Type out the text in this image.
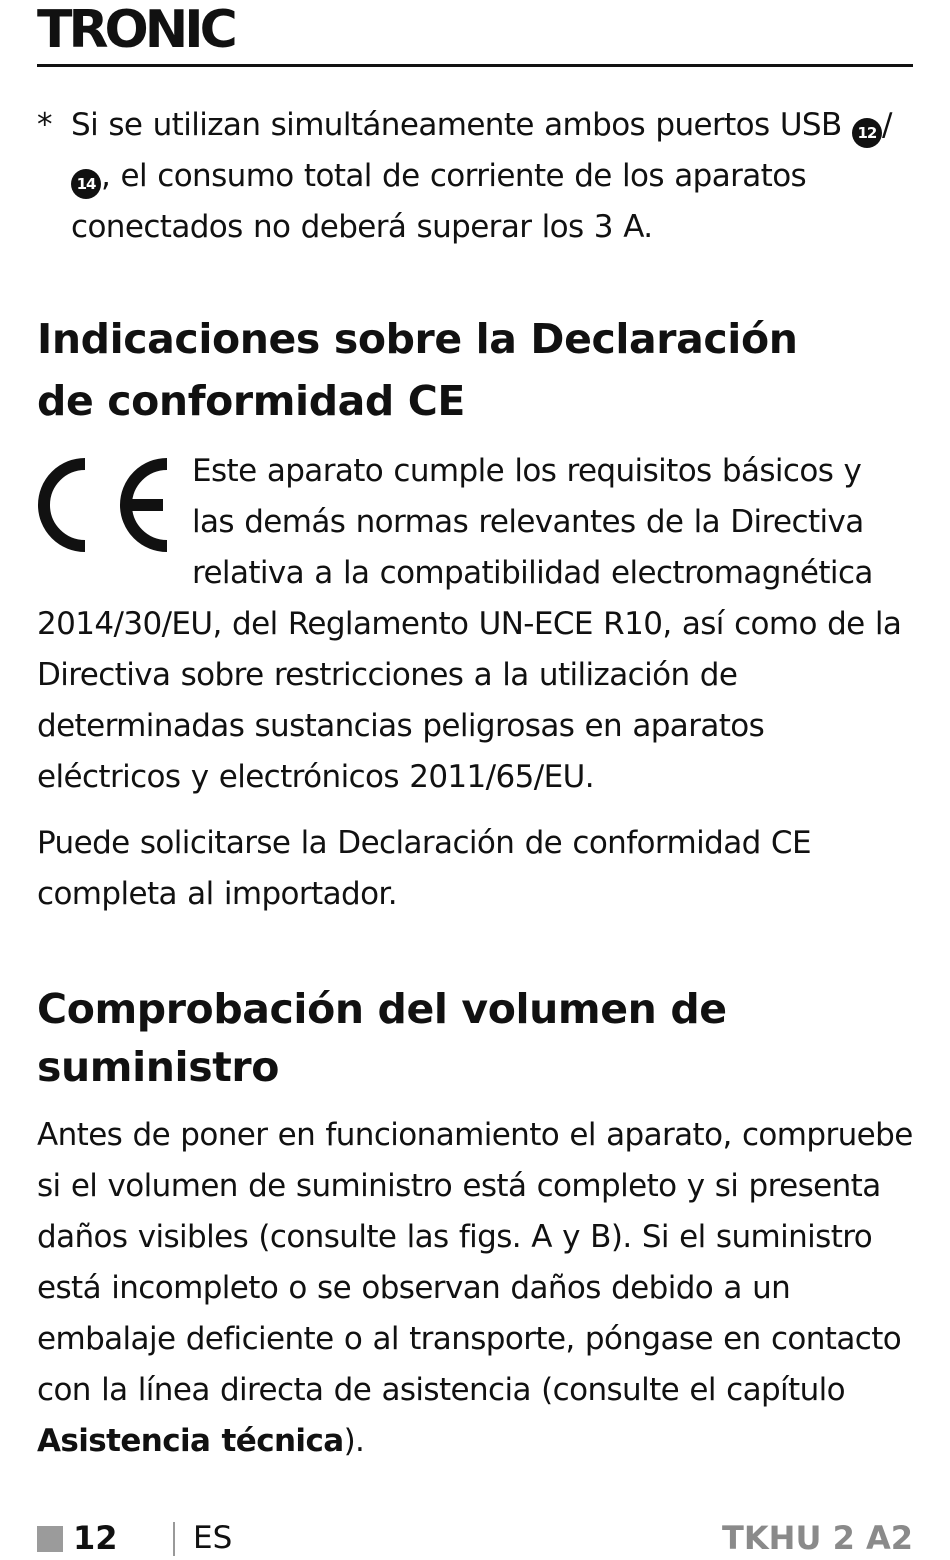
TRONIC
* Si se utilizan simultáneamente ambos puertos USB 12 /14 , el consumo total de corriente de los aparatos conectados no deberá superar los 3 A.
Indicaciones sobre la Declaración
de conformidad CE
Este aparato cumple los requisitos básicos y
las demás normas relevantes de la Directiva relativa a la compatibilidad electromagnética
2014/30/EU, del Reglamento UN-ECE R10, así como de la Directiva sobre restricciones a la utilización de determinadas sustancias peligrosas en aparatos eléctricos y electrónicos 2011/65/EU.
Puede solicitarse la Declaración de conformidad CE completa al importador.
Comprobación del volumen de
suministro
Antes de poner en funcionamiento el aparato, compruebe si el volumen de suministro está completo y si presenta daños visibles (consulte las figs. A y B). Si el suministro está incompleto o se observan daños debido a un embalaje deficiente o al transporte, póngase en contacto con la línea directa de asistencia (consulte el capítulo Asistencia técnica).
12 ES	TKHU 2 A2
